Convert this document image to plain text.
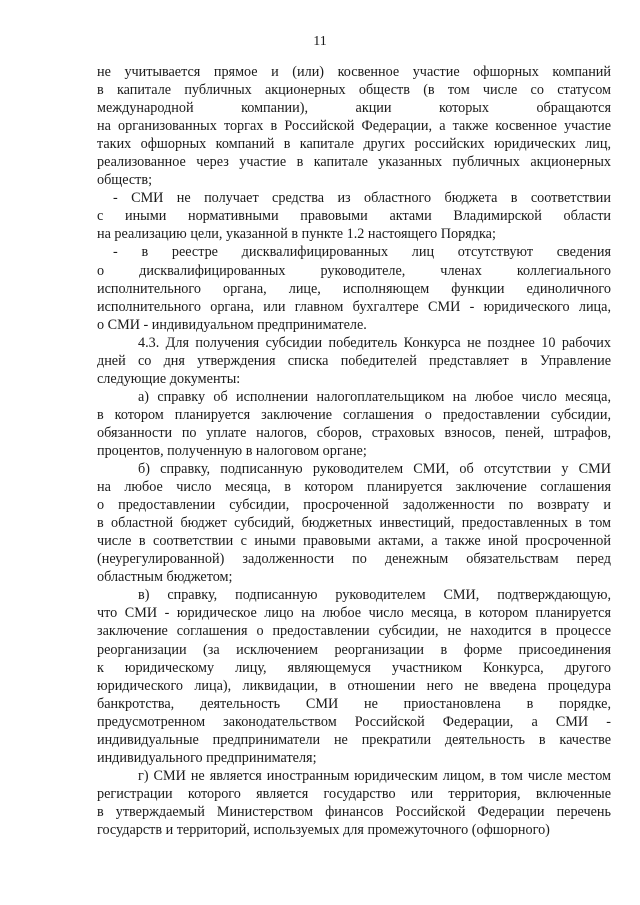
11
не учитывается прямое и (или) косвенное участие офшорных компаний
в капитале публичных акционерных обществ (в том числе со статусом
международной компании), акции которых обращаются
на организованных торгах в Российской Федерации, а также косвенное участие
таких офшорных компаний в капитале других российских юридических лиц,
реализованное через участие в капитале указанных публичных акционерных
обществ;
- СМИ не получает средства из областного бюджета в соответствии
с иными нормативными правовыми актами Владимирской области
на реализацию цели, указанной в пункте 1.2 настоящего Порядка;
- в реестре дисквалифицированных лиц отсутствуют сведения
о дисквалифицированных руководителе, членах коллегиального
исполнительного органа, лице, исполняющем функции единоличного
исполнительного органа, или главном бухгалтере СМИ - юридического лица,
о СМИ - индивидуальном предпринимателе.
4.3. Для получения субсидии победитель Конкурса не позднее 10 рабочих
дней со дня утверждения списка победителей представляет в Управление
следующие документы:
а) справку об исполнении налогоплательщиком на любое число месяца,
в котором планируется заключение соглашения о предоставлении субсидии,
обязанности по уплате налогов, сборов, страховых взносов, пеней, штрафов,
процентов, полученную в налоговом органе;
б) справку, подписанную руководителем СМИ, об отсутствии у СМИ
на любое число месяца, в котором планируется заключение соглашения
о предоставлении субсидии, просроченной задолженности по возврату и
в областной бюджет субсидий, бюджетных инвестиций, предоставленных в том
числе в соответствии с иными правовыми актами, а также иной просроченной
(неурегулированной) задолженности по денежным обязательствам перед
областным бюджетом;
в) справку, подписанную руководителем СМИ, подтверждающую,
что СМИ - юридическое лицо на любое число месяца, в котором планируется
заключение соглашения о предоставлении субсидии, не находится в процессе
реорганизации (за исключением реорганизации в форме присоединения
к юридическому лицу, являющемуся участником Конкурса, другого
юридического лица), ликвидации, в отношении него не введена процедура
банкротства, деятельность СМИ не приостановлена в порядке,
предусмотренном законодательством Российской Федерации, а СМИ -
индивидуальные предприниматели не прекратили деятельность в качестве
индивидуального предпринимателя;
г) СМИ не является иностранным юридическим лицом, в том числе местом
регистрации которого является государство или территория, включенные
в утверждаемый Министерством финансов Российской Федерации перечень
государств и территорий, используемых для промежуточного (офшорного)
